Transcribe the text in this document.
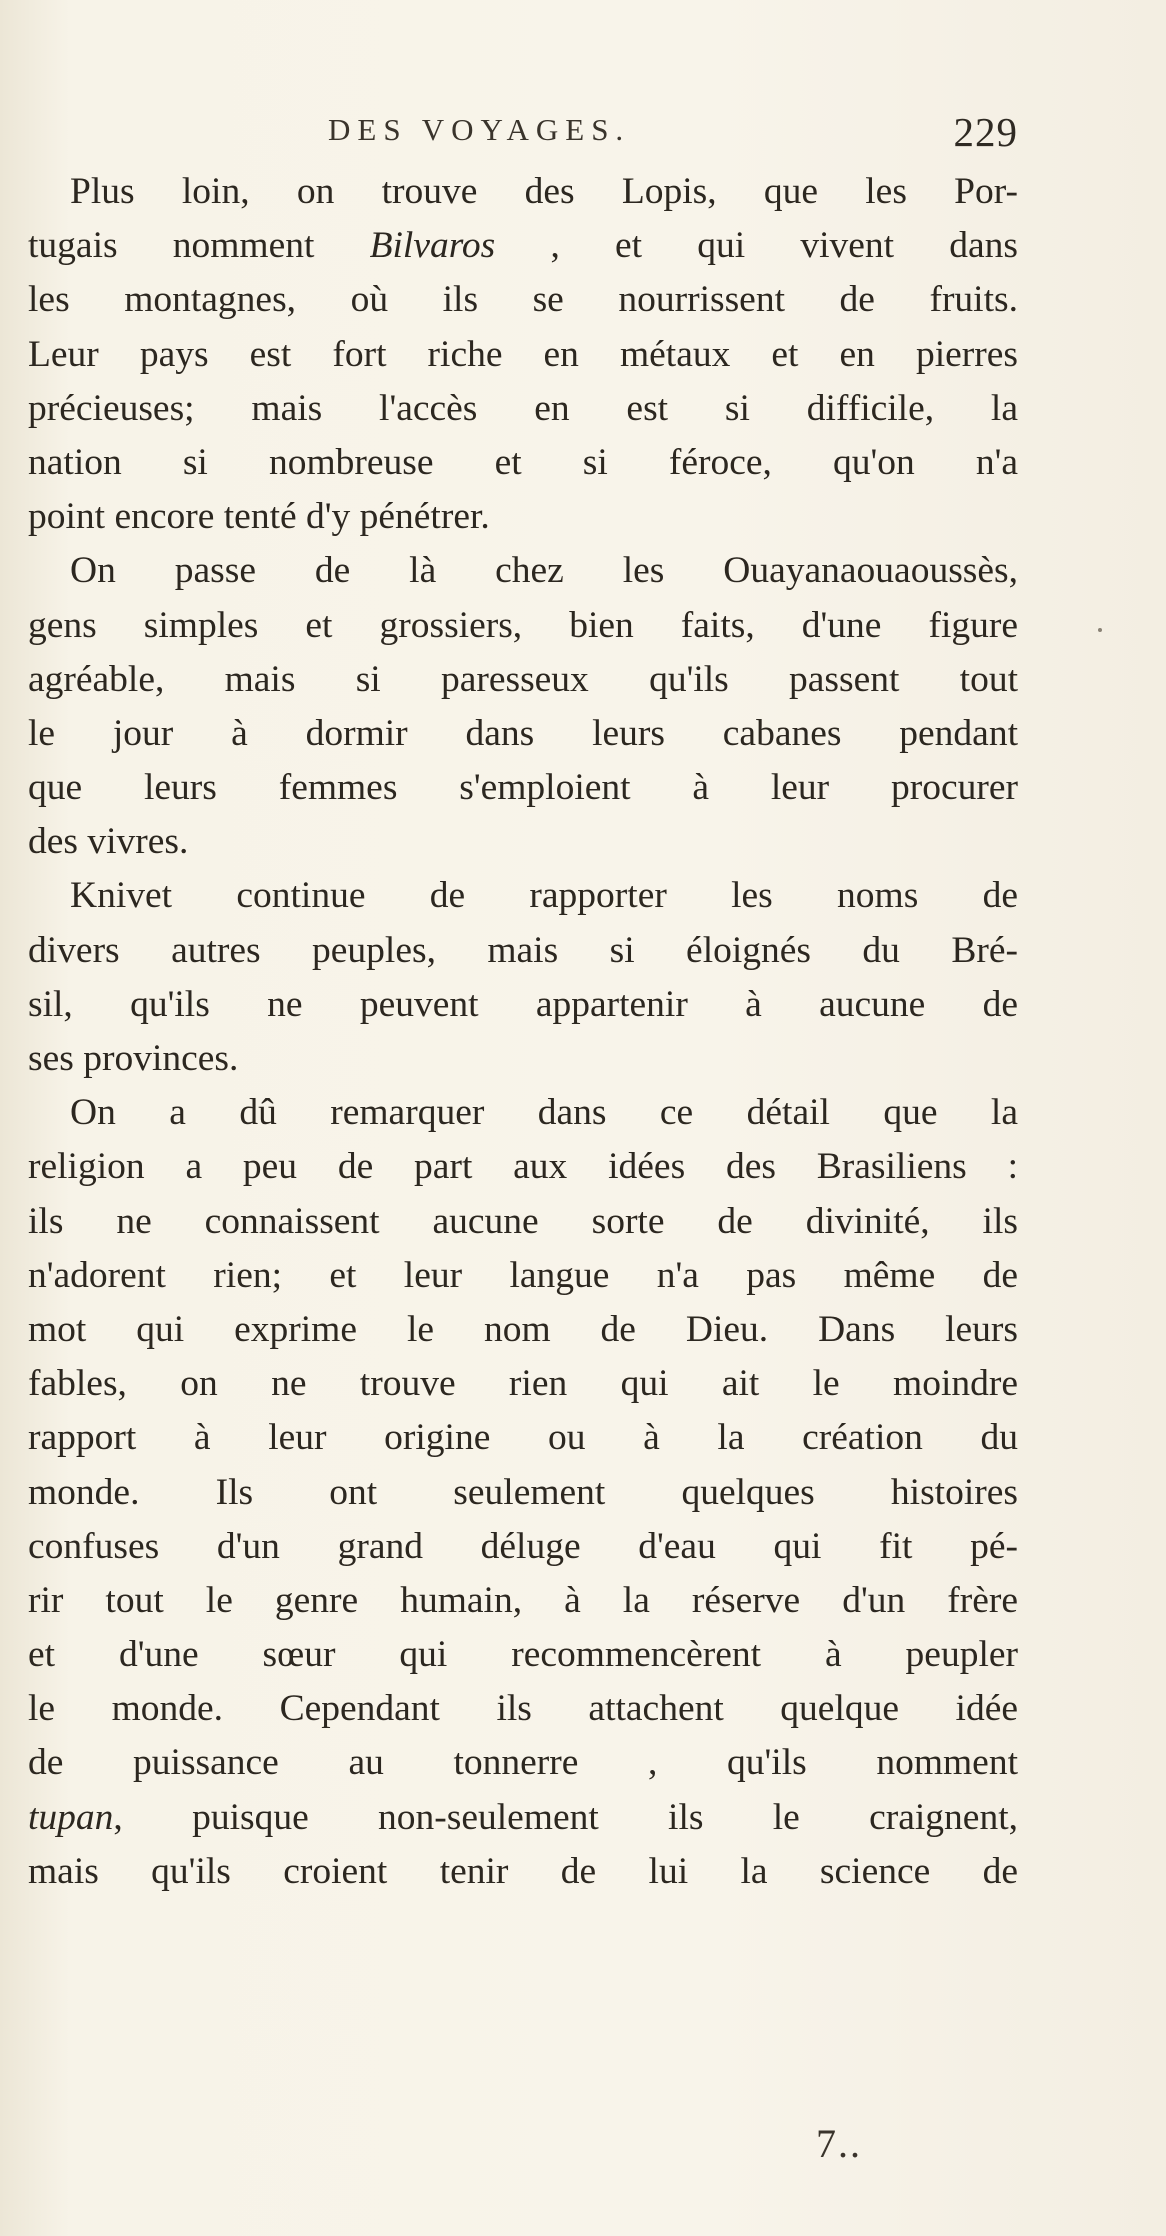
DES VOYAGES.	229
Plus loin, on trouve des Lopis, que les Por-
tugais nomment Bilvaros , et qui vivent dans
les montagnes, où ils se nourrissent de fruits.
Leur pays est fort riche en métaux et en pierres
précieuses; mais l'accès en est si difficile, la
nation si nombreuse et si féroce, qu'on n'a
point encore tenté d'y pénétrer.
On passe de là chez les Ouayanaouaoussès,
gens simples et grossiers, bien faits, d'une figure
agréable, mais si paresseux qu'ils passent tout
le jour à dormir dans leurs cabanes pendant
que leurs femmes s'emploient à leur procurer
des vivres.
Knivet continue de rapporter les noms de
divers autres peuples, mais si éloignés du Bré-
sil, qu'ils ne peuvent appartenir à aucune de
ses provinces.
On a dû remarquer dans ce détail que la
religion a peu de part aux idées des Brasiliens :
ils ne connaissent aucune sorte de divinité, ils
n'adorent rien; et leur langue n'a pas même de
mot qui exprime le nom de Dieu. Dans leurs
fables, on ne trouve rien qui ait le moindre
rapport à leur origine ou à la création du
monde. Ils ont seulement quelques histoires
confuses d'un grand déluge d'eau qui fit pé-
rir tout le genre humain, à la réserve d'un frère
et d'une sœur qui recommencèrent à peupler
le monde. Cependant ils attachent quelque idée
de puissance au tonnerre , qu'ils nomment
tupan, puisque non-seulement ils le craignent,
mais qu'ils croient tenir de lui la science de
7..
